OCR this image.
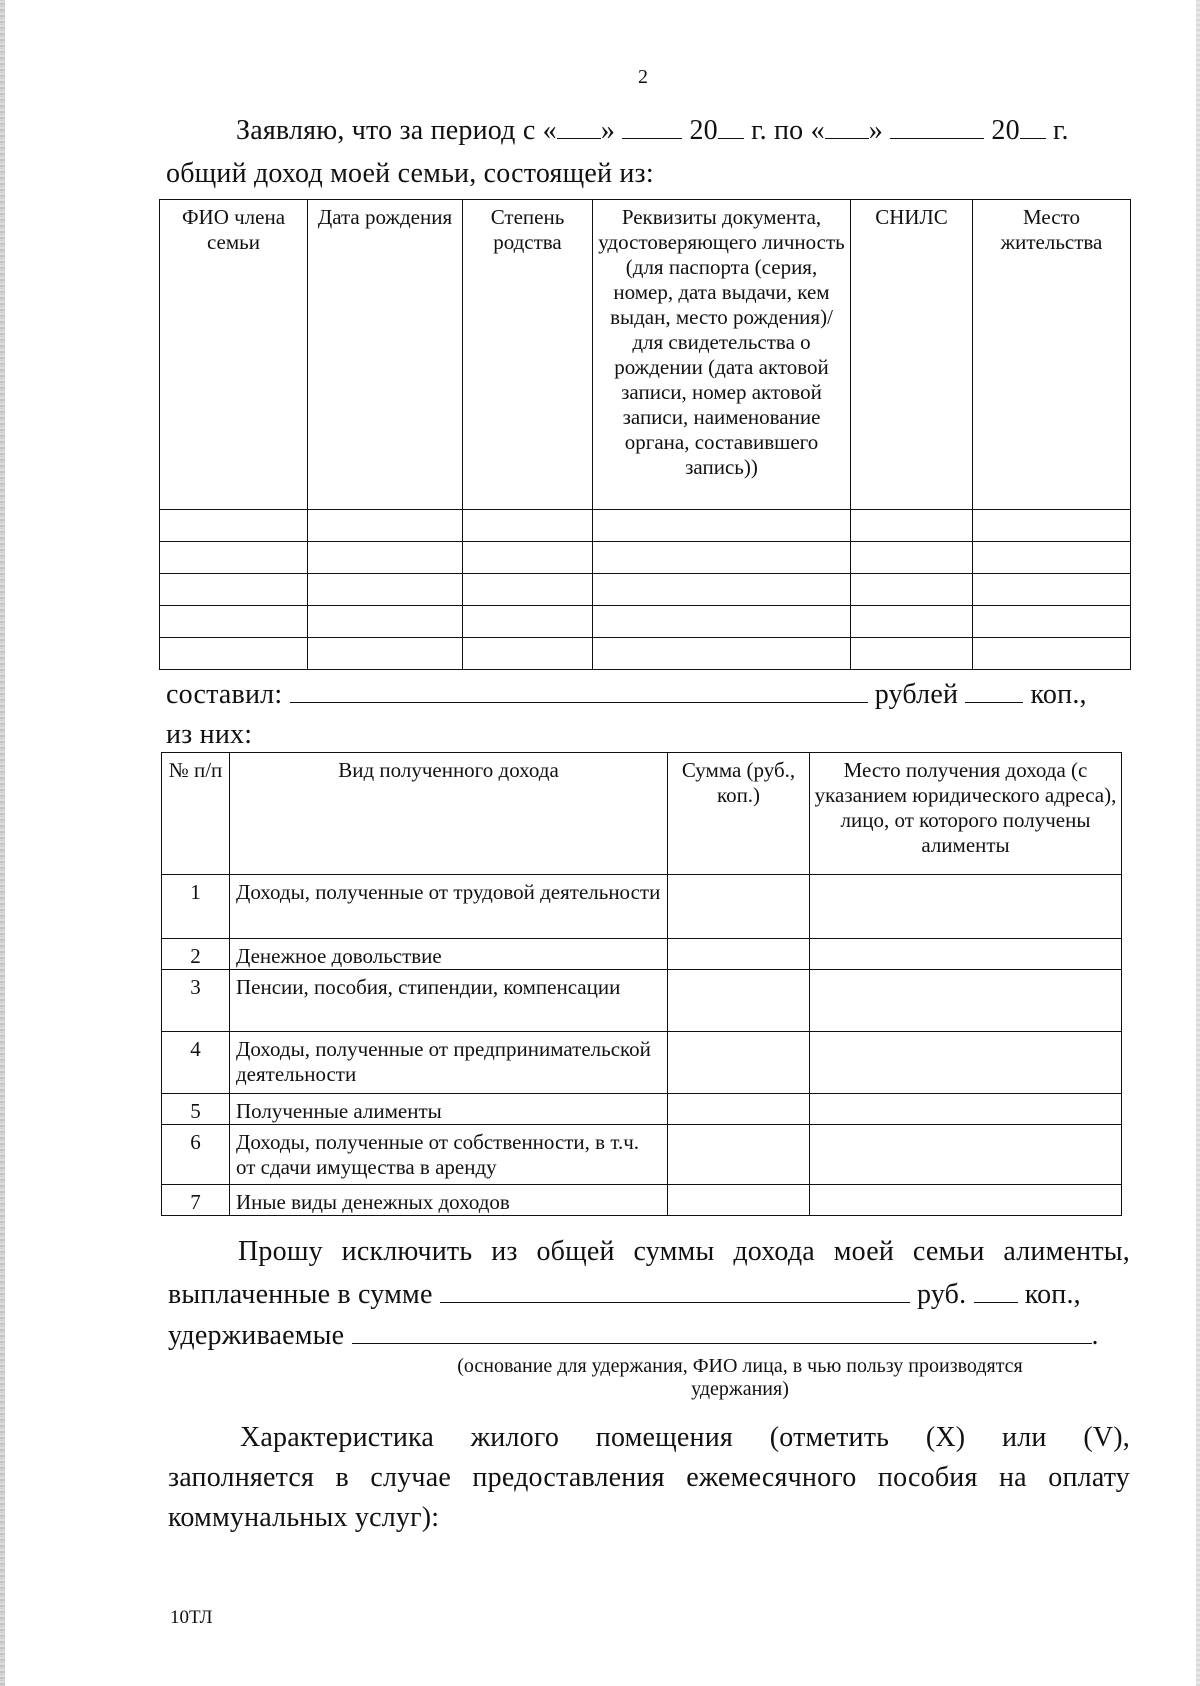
2
Заявляю, что за период с « »  20 г. по « »	20 г.
общий доход моей семьи, состоящей из:
ФИО члена семьи	Дата рождения	Степень родства	Реквизиты документа, удостоверяющего личность (для паспорта (серия, номер, дата выдачи, кем выдан, место рождения)/для свидетельства о рождении (дата актовой записи, номер актовой записи, наименование органа, составившего запись))	СНИЛС	Место жительства

составил:	рублей	коп.,
из них:
№ п/п	Вид полученного дохода	Сумма (руб., коп.)	Место получения дохода (с указанием юридического адреса), лицо, от которого получены алименты
1	Доходы, полученные от трудовой деятельности		
2	Денежное довольствие		
3	Пенсии, пособия, стипендии, компенсации		
4	Доходы, полученные от предпринимательской деятельности		
5	Полученные алименты		
6	Доходы, полученные от собственности, в т.ч. от сдачи имущества в аренду		
7	Иные виды денежных доходов		
Прошу исключить из общей суммы дохода моей семьи алименты,
выплаченные в сумме	руб. коп.,
удерживаемые	.
(основание для удержания, ФИО лица, в чью пользу производятся
удержания)
Характеристика жилого помещения (отметить (X) или (V),
заполняется в случае предоставления ежемесячного пособия на оплату
коммунальных услуг):
10ТЛ
